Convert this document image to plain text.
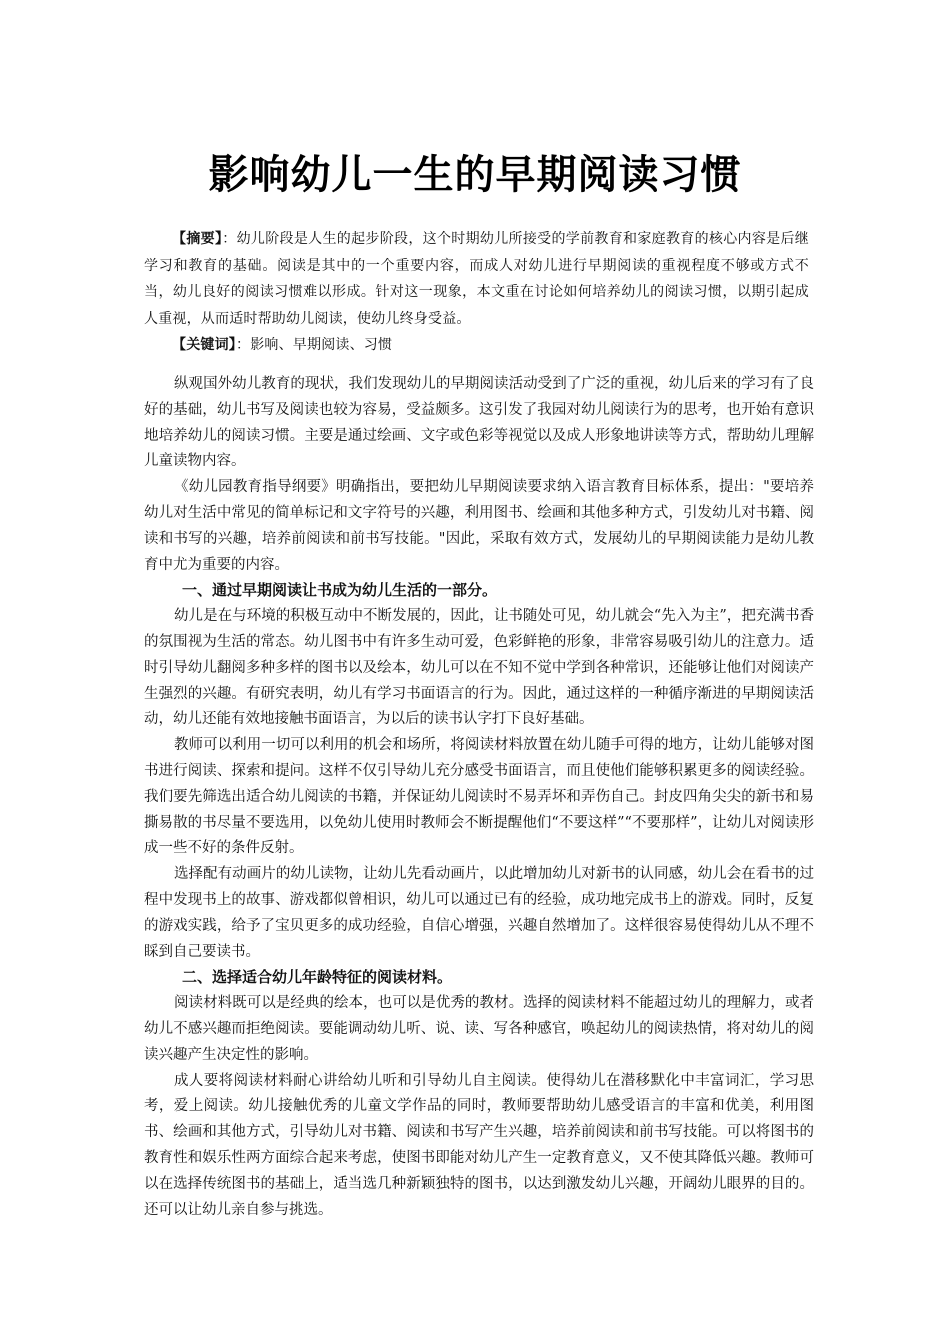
影响幼儿一生的早期阅读习惯

【摘要】：幼儿阶段是人生的起步阶段，这个时期幼儿所接受的学前教育和家庭教育的核心内容是后继学习和教育的基础。阅读是其中的一个重要内容，而成人对幼儿进行早期阅读的重视程度不够或方式不当，幼儿良好的阅读习惯难以形成。针对这一现象，本文重在讨论如何培养幼儿的阅读习惯，以期引起成人重视，从而适时帮助幼儿阅读，使幼儿终身受益。

【关键词】：影响、早期阅读、习惯

纵观国外幼儿教育的现状，我们发现幼儿的早期阅读活动受到了广泛的重视，幼儿后来的学习有了良好的基础，幼儿书写及阅读也较为容易，受益颇多。这引发了我园对幼儿阅读行为的思考，也开始有意识地培养幼儿的阅读习惯。主要是通过绘画、文字或色彩等视觉以及成人形象地讲读等方式，帮助幼儿理解儿童读物内容。

《幼儿园教育指导纲要》明确指出，要把幼儿早期阅读要求纳入语言教育目标体系，提出："要培养幼儿对生活中常见的简单标记和文字符号的兴趣，利用图书、绘画和其他多种方式，引发幼儿对书籍、阅读和书写的兴趣，培养前阅读和前书写技能。"因此，采取有效方式，发展幼儿的早期阅读能力是幼儿教育中尤为重要的内容。

一、通过早期阅读让书成为幼儿生活的一部分。

幼儿是在与环境的积极互动中不断发展的，因此，让书随处可见，幼儿就会“先入为主”，把充满书香的氛围视为生活的常态。幼儿图书中有许多生动可爱，色彩鲜艳的形象，非常容易吸引幼儿的注意力。适时引导幼儿翻阅多种多样的图书以及绘本，幼儿可以在不知不觉中学到各种常识，还能够让他们对阅读产生强烈的兴趣。有研究表明，幼儿有学习书面语言的行为。因此，通过这样的一种循序渐进的早期阅读活动，幼儿还能有效地接触书面语言，为以后的读书认字打下良好基础。

教师可以利用一切可以利用的机会和场所，将阅读材料放置在幼儿随手可得的地方，让幼儿能够对图书进行阅读、探索和提问。这样不仅引导幼儿充分感受书面语言，而且使他们能够积累更多的阅读经验。我们要先筛选出适合幼儿阅读的书籍，并保证幼儿阅读时不易弄坏和弄伤自己。封皮四角尖尖的新书和易撕易散的书尽量不要选用，以免幼儿使用时教师会不断提醒他们“不要这样”“不要那样”，让幼儿对阅读形成一些不好的条件反射。

选择配有动画片的幼儿读物，让幼儿先看动画片，以此增加幼儿对新书的认同感，幼儿会在看书的过程中发现书上的故事、游戏都似曾相识，幼儿可以通过已有的经验，成功地完成书上的游戏。同时，反复的游戏实践，给予了宝贝更多的成功经验，自信心增强，兴趣自然增加了。这样很容易使得幼儿从不理不睬到自己要读书。

二、选择适合幼儿年龄特征的阅读材料。

阅读材料既可以是经典的绘本，也可以是优秀的教材。选择的阅读材料不能超过幼儿的理解力，或者幼儿不感兴趣而拒绝阅读。要能调动幼儿听、说、读、写各种感官，唤起幼儿的阅读热情，将对幼儿的阅读兴趣产生决定性的影响。

成人要将阅读材料耐心讲给幼儿听和引导幼儿自主阅读。使得幼儿在潜移默化中丰富词汇，学习思考，爱上阅读。幼儿接触优秀的儿童文学作品的同时，教师要帮助幼儿感受语言的丰富和优美，利用图书、绘画和其他方式，引导幼儿对书籍、阅读和书写产生兴趣，培养前阅读和前书写技能。可以将图书的教育性和娱乐性两方面综合起来考虑，使图书即能对幼儿产生一定教育意义，又不使其降低兴趣。教师可以在选择传统图书的基础上，适当选几种新颖独特的图书，以达到激发幼儿兴趣，开阔幼儿眼界的目的。还可以让幼儿亲自参与挑选。
